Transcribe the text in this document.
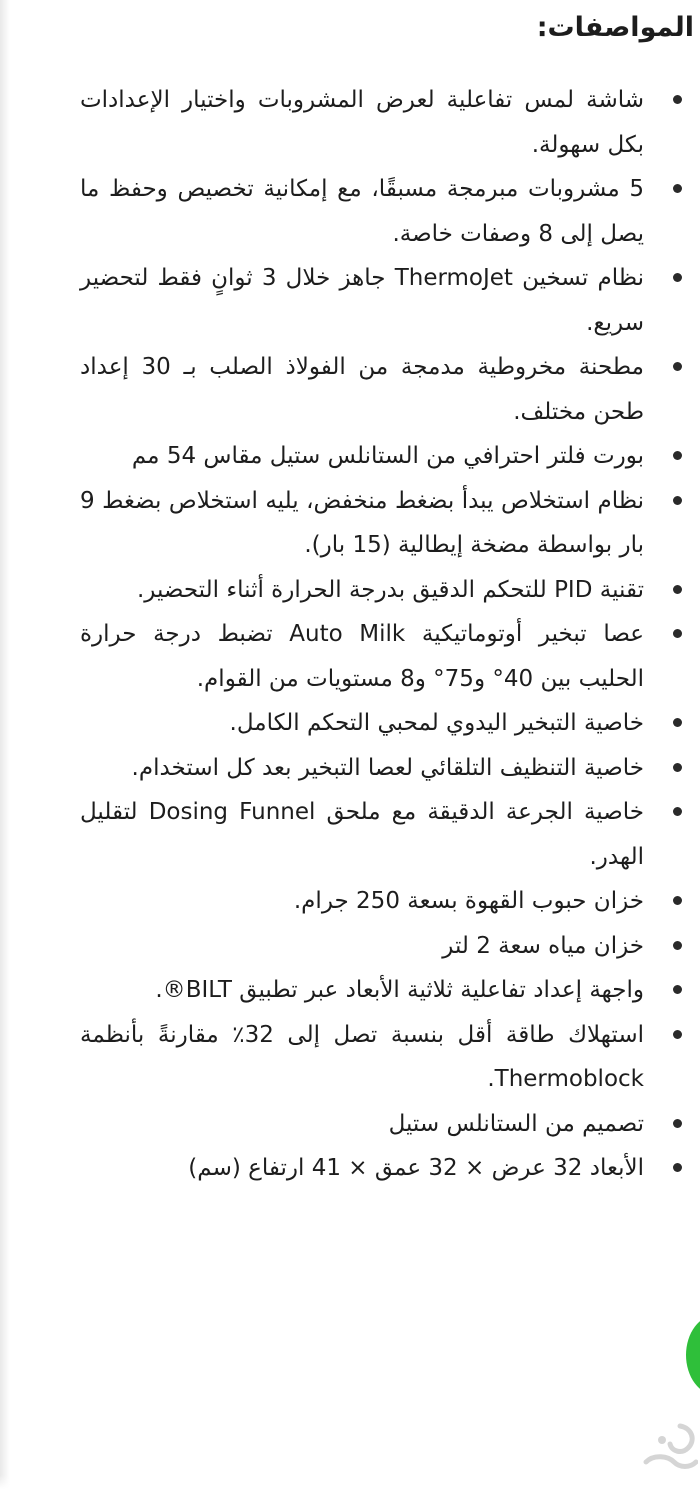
المواصفات:
شاشة لمس تفاعلية لعرض المشروبات واختيار الإعدادات بكل سهولة.
5 مشروبات مبرمجة مسبقًا، مع إمكانية تخصيص وحفظ ما يصل إلى 8 وصفات خاصة.
نظام تسخين ThermoJet جاهز خلال 3 ثوانٍ فقط لتحضير سريع.
مطحنة مخروطية مدمجة من الفولاذ الصلب بـ 30 إعداد طحن مختلف.
بورت فلتر احترافي من الستانلس ستيل مقاس 54 مم
نظام استخلاص يبدأ بضغط منخفض، يليه استخلاص بضغط 9 بار بواسطة مضخة إيطالية (15 بار).
تقنية PID للتحكم الدقيق بدرجة الحرارة أثناء التحضير.
عصا تبخير أوتوماتيكية Auto Milk تضبط درجة حرارة الحليب بين 40° و75° و8 مستويات من القوام.
خاصية التبخير اليدوي لمحبي التحكم الكامل.
خاصية التنظيف التلقائي لعصا التبخير بعد كل استخدام.
خاصية الجرعة الدقيقة مع ملحق Dosing Funnel لتقليل الهدر.
خزان حبوب القهوة بسعة 250 جرام.
خزان مياه سعة 2 لتر
واجهة إعداد تفاعلية ثلاثية الأبعاد عبر تطبيق BILT®.
استهلاك طاقة أقل بنسبة تصل إلى 32٪ مقارنةً بأنظمة Thermoblock.
تصميم من الستانلس ستيل
الأبعاد 32 عرض × 32 عمق × 41 ارتفاع (سم)
